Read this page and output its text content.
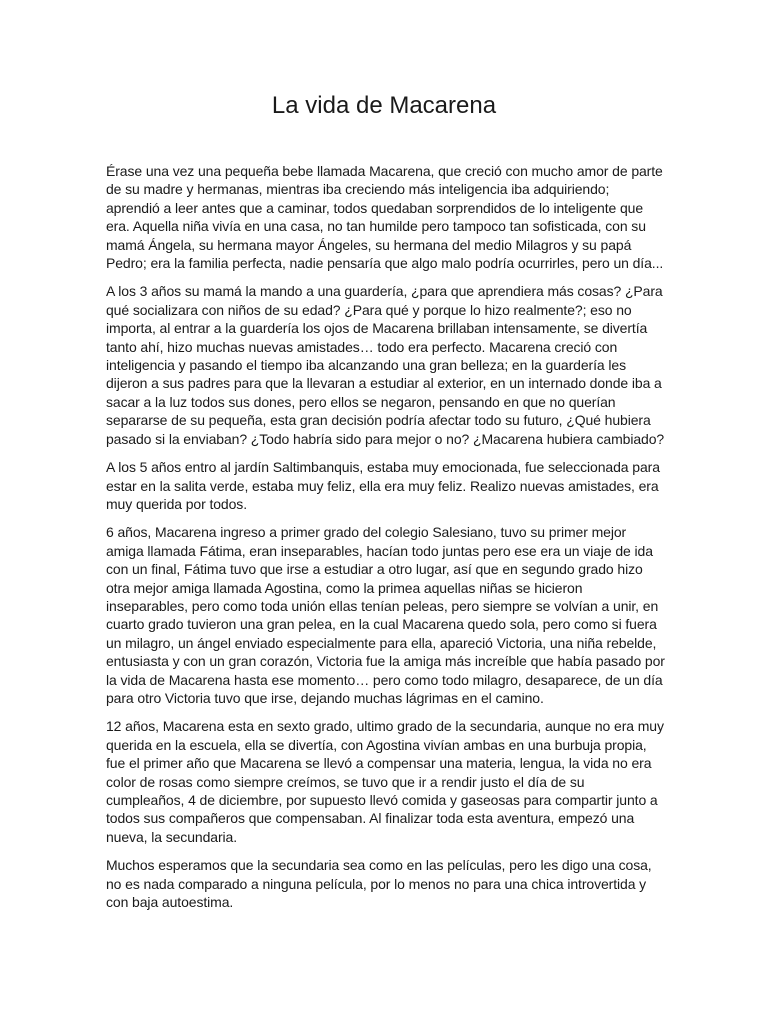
La vida de Macarena

Érase una vez una pequeña bebe llamada Macarena, que creció con mucho amor de parte de su madre y hermanas, mientras iba creciendo más inteligencia iba adquiriendo; aprendió a leer antes que a caminar, todos quedaban sorprendidos de lo inteligente que era. Aquella niña vivía en una casa, no tan humilde pero tampoco tan sofisticada, con su mamá Ángela, su hermana mayor Ángeles, su hermana del medio Milagros y su papá Pedro; era la familia perfecta, nadie pensaría que algo malo podría ocurrirles, pero un día...

A los 3 años su mamá la mando a una guardería, ¿para que aprendiera más cosas? ¿Para qué socializara con niños de su edad? ¿Para qué y porque lo hizo realmente?; eso no importa, al entrar a la guardería los ojos de Macarena brillaban intensamente, se divertía tanto ahí, hizo muchas nuevas amistades… todo era perfecto. Macarena creció con inteligencia y pasando el tiempo iba alcanzando una gran belleza; en la guardería les dijeron a sus padres para que la llevaran a estudiar al exterior, en un internado donde iba a sacar a la luz todos sus dones, pero ellos se negaron, pensando en que no querían separarse de su pequeña, esta gran decisión podría afectar todo su futuro, ¿Qué hubiera pasado si la enviaban? ¿Todo habría sido para mejor o no? ¿Macarena hubiera cambiado?

A los 5 años entro al jardín Saltimbanquis, estaba muy emocionada, fue seleccionada para estar en la salita verde, estaba muy feliz, ella era muy feliz. Realizo nuevas amistades, era muy querida por todos.

6 años, Macarena ingreso a primer grado del colegio Salesiano, tuvo su primer mejor amiga llamada Fátima, eran inseparables, hacían todo juntas pero ese era un viaje de ida con un final, Fátima tuvo que irse a estudiar a otro lugar, así que en segundo grado hizo otra mejor amiga llamada Agostina, como la primea aquellas niñas se hicieron inseparables, pero como toda unión ellas tenían peleas, pero siempre se volvían a unir, en cuarto grado tuvieron una gran pelea, en la cual Macarena quedo sola, pero como si fuera un milagro, un ángel enviado especialmente para ella, apareció Victoria, una niña rebelde, entusiasta y con un gran corazón, Victoria fue la amiga más increíble que había pasado por la vida de Macarena hasta ese momento… pero como todo milagro, desaparece, de un día para otro Victoria tuvo que irse, dejando muchas lágrimas en el camino.

12 años, Macarena esta en sexto grado, ultimo grado de la secundaria, aunque no era muy querida en la escuela, ella se divertía, con Agostina vivían ambas en una burbuja propia, fue el primer año que Macarena se llevó a compensar una materia, lengua, la vida no era color de rosas como siempre creímos, se tuvo que ir a rendir justo el día de su cumpleaños, 4 de diciembre, por supuesto llevó comida y gaseosas para compartir junto a todos sus compañeros que compensaban. Al finalizar toda esta aventura, empezó una nueva, la secundaria.

Muchos esperamos que la secundaria sea como en las películas, pero les digo una cosa, no es nada comparado a ninguna película, por lo menos no para una chica introvertida y con baja autoestima.
